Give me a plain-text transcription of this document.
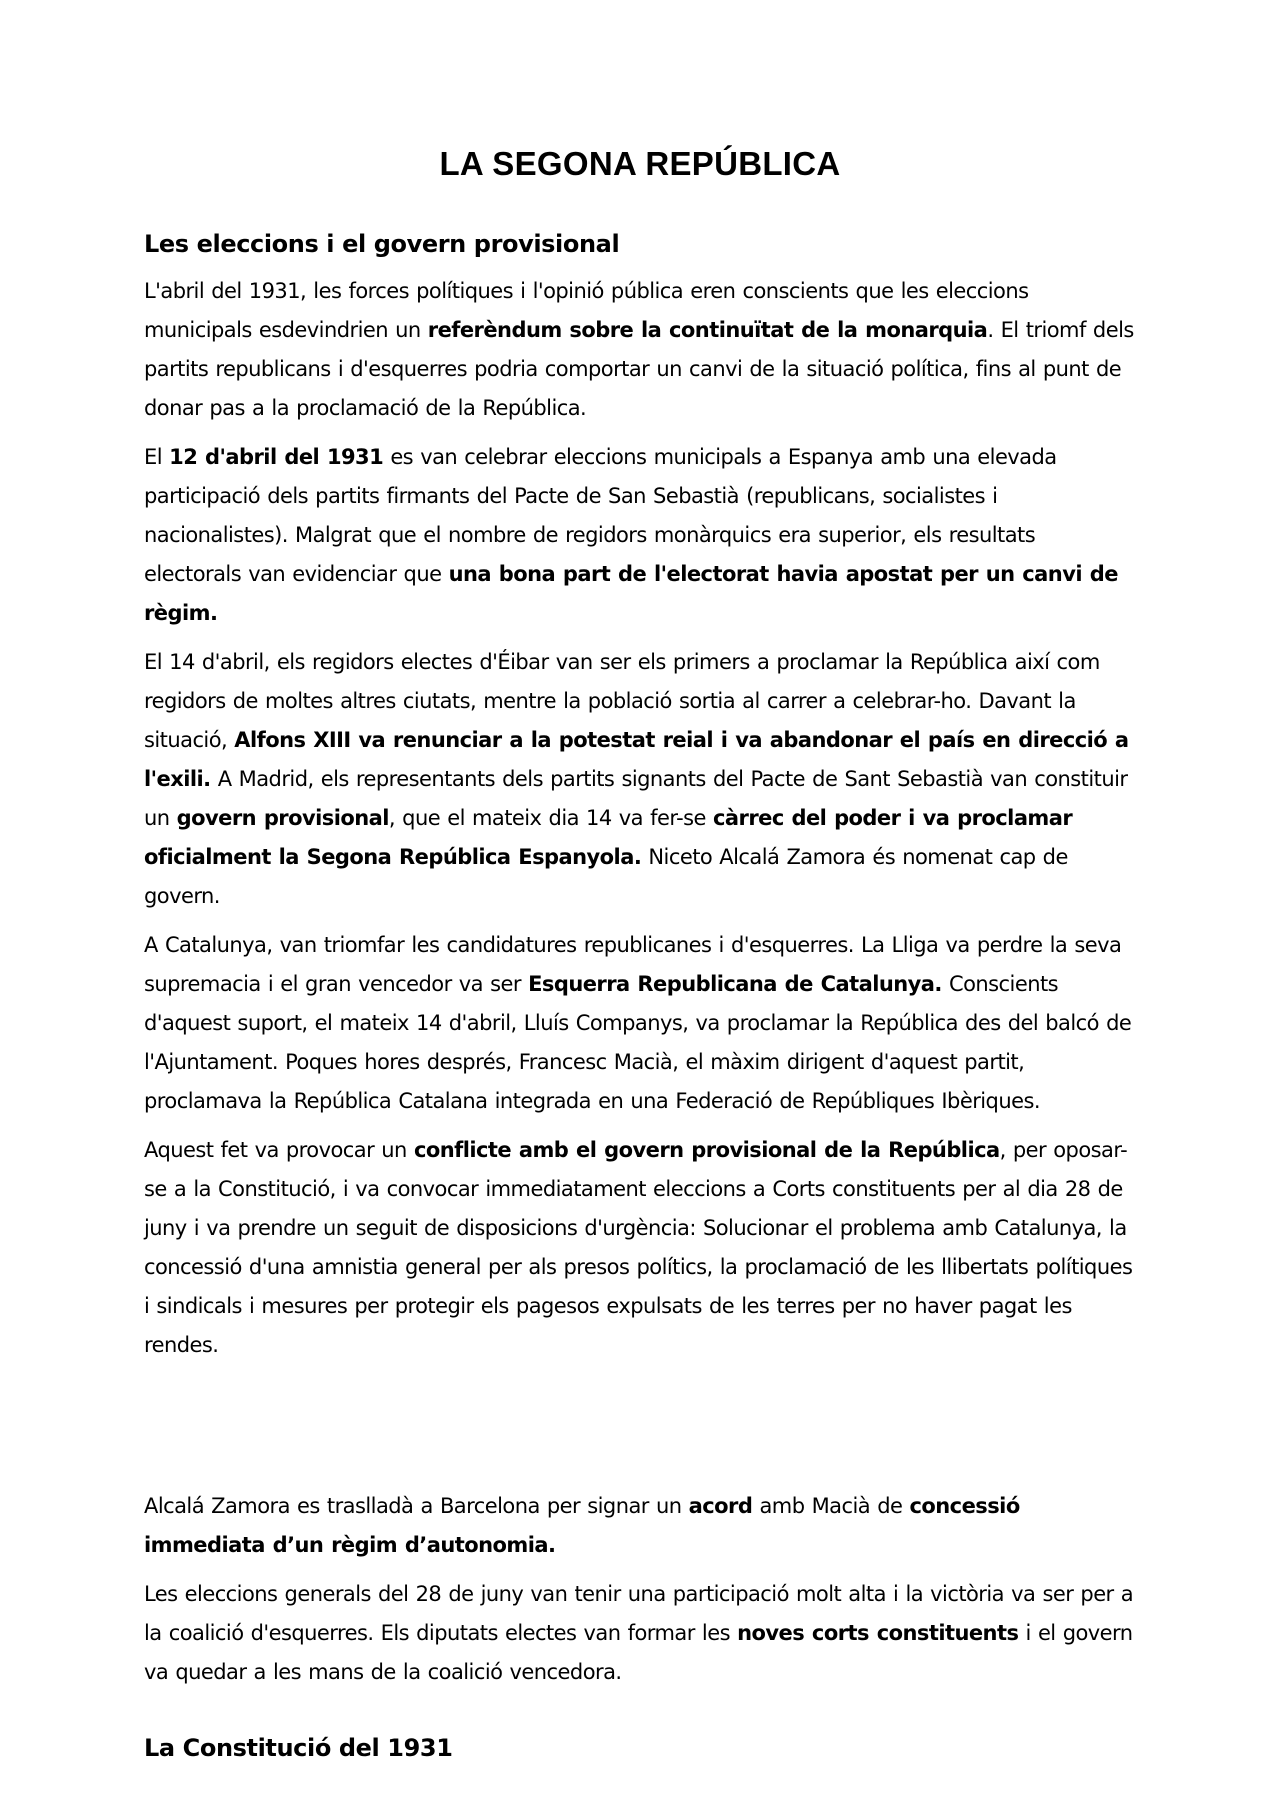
LA SEGONA REPÚBLICA
Les eleccions i el govern provisional

L'abril del 1931, les forces polítiques i l'opinió pública eren conscients que les eleccions municipals esdevindrien un referèndum sobre la continuïtat de la monarquia. El triomf dels partits republicans i d'esquerres podria comportar un canvi de la situació política, fins al punt de donar pas a la proclamació de la República.

El 12 d'abril del 1931 es van celebrar eleccions municipals a Espanya amb una elevada participació dels partits firmants del Pacte de San Sebastià (republicans, socialistes i nacionalistes). Malgrat que el nombre de regidors monàrquics era superior, els resultats electorals van evidenciar que una bona part de l'electorat havia apostat per un canvi de règim.

El 14 d'abril, els regidors electes d'Éibar van ser els primers a proclamar la República així com regidors de moltes altres ciutats, mentre la població sortia al carrer a celebrar-ho. Davant la situació, Alfons XIII va renunciar a la potestat reial i va abandonar el país en direcció a l'exili. A Madrid, els representants dels partits signants del Pacte de Sant Sebastià van constituir un govern provisional, que el mateix dia 14 va fer-se càrrec del poder i va proclamar oficialment la Segona República Espanyola. Niceto Alcalá Zamora és nomenat cap de govern.

A Catalunya, van triomfar les candidatures republicanes i d'esquerres. La Lliga va perdre la seva supremacia i el gran vencedor va ser Esquerra Republicana de Catalunya. Conscients d'aquest suport, el mateix 14 d'abril, Lluís Companys, va proclamar la República des del balcó de l'Ajuntament. Poques hores després, Francesc Macià, el màxim dirigent d'aquest partit, proclamava la República Catalana integrada en una Federació de Repúbliques Ibèriques.

Aquest fet va provocar un conflicte amb el govern provisional de la República, per oposar-se a la Constitució, i va convocar immediatament eleccions a Corts constituents per al dia 28 de juny i va prendre un seguit de disposicions d'urgència: Solucionar el problema amb Catalunya, la concessió d'una amnistia general per als presos polítics, la proclamació de les llibertats polítiques i sindicals i mesures per protegir els pagesos expulsats de les terres per no haver pagat les rendes.

Alcalá Zamora es traslladà a Barcelona per signar un acord amb Macià de concessió immediata d’un règim d’autonomia.

Les eleccions generals del 28 de juny van tenir una participació molt alta i la victòria va ser per a la coalició d'esquerres. Els diputats electes van formar les noves corts constituents i el govern va quedar a les mans de la coalició vencedora.

La Constitució del 1931
